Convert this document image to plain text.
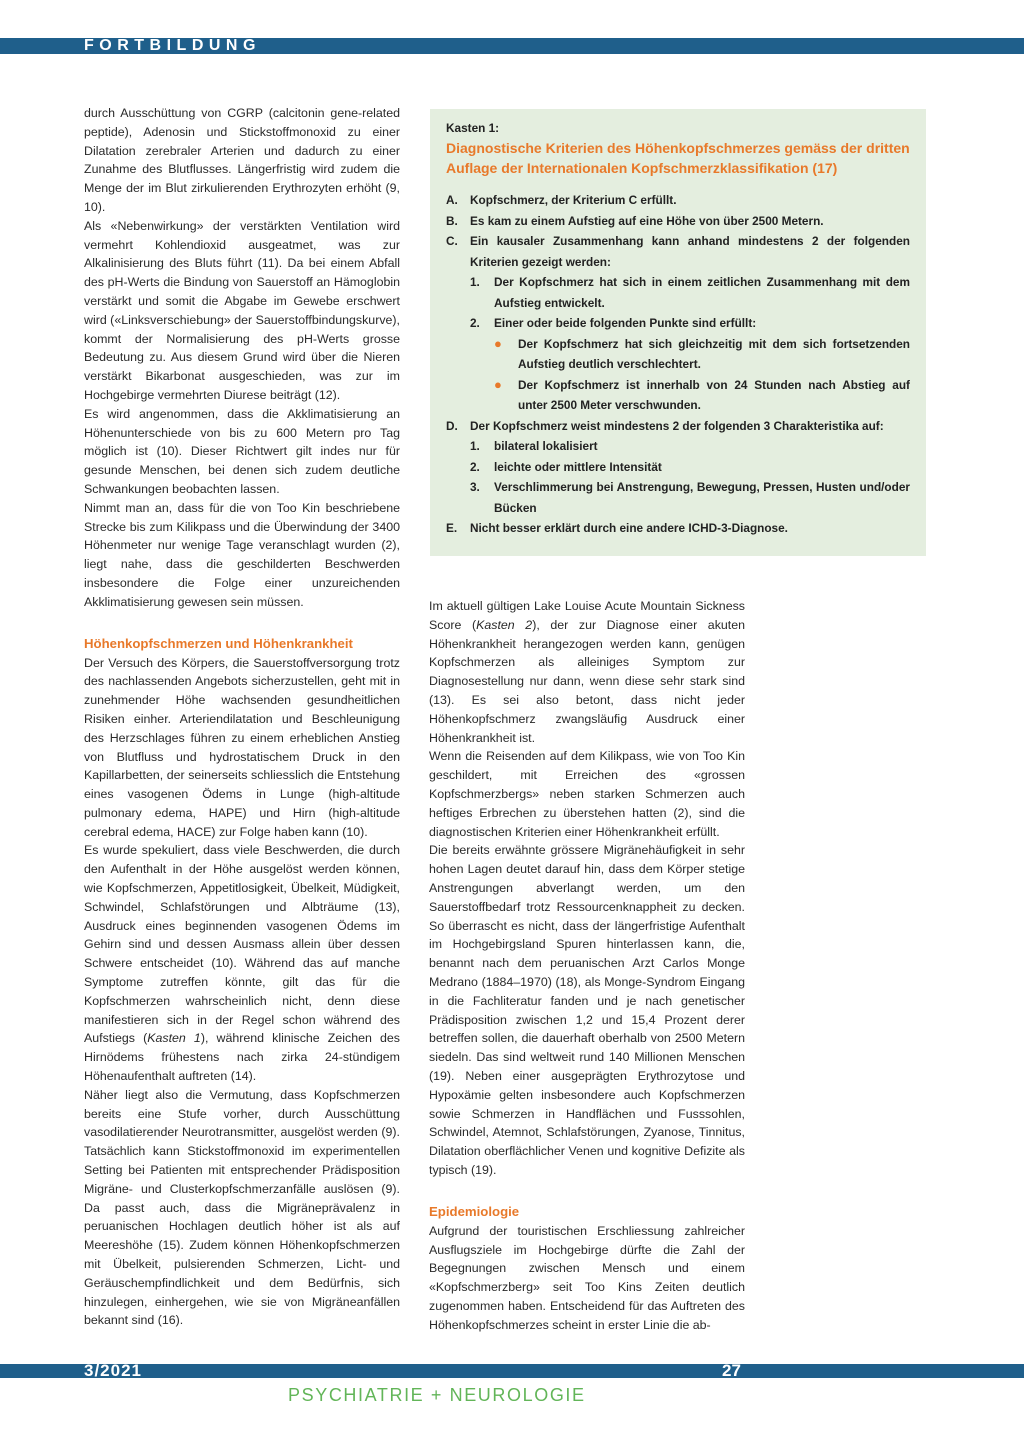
FORTBILDUNG

durch Ausschüttung von CGRP (calcitonin gene-related peptide), Adenosin und Stickstoffmonoxid zu einer Dilatation zerebraler Arterien und dadurch zu einer Zunahme des Blutflusses. Längerfristig wird zudem die Menge der im Blut zirkulierenden Erythrozyten erhöht (9, 10).

Als «Nebenwirkung» der verstärkten Ventilation wird vermehrt Kohlendioxid ausgeatmet, was zur Alkalinisierung des Bluts führt (11). Da bei einem Abfall des pH-Werts die Bindung von Sauerstoff an Hämoglobin verstärkt und somit die Abgabe im Gewebe erschwert wird («Linksverschiebung» der Sauerstoffbindungskurve), kommt der Normalisierung des pH-Werts grosse Bedeutung zu. Aus diesem Grund wird über die Nieren verstärkt Bikarbonat ausgeschieden, was zur im Hochgebirge vermehrten Diurese beiträgt (12).

Es wird angenommen, dass die Akklimatisierung an Höhenunterschiede von bis zu 600 Metern pro Tag möglich ist (10). Dieser Richtwert gilt indes nur für gesunde Menschen, bei denen sich zudem deutliche Schwankungen beobachten lassen.

Nimmt man an, dass für die von Too Kin beschriebene Strecke bis zum Kilikpass und die Überwindung der 3400 Höhenmeter nur wenige Tage veranschlagt wurden (2), liegt nahe, dass die geschilderten Beschwerden insbesondere die Folge einer unzureichenden Akklimatisierung gewesen sein müssen.

Höhenkopfschmerzen und Höhenkrankheit

Der Versuch des Körpers, die Sauerstoffversorgung trotz des nachlassenden Angebots sicherzustellen, geht mit in zunehmender Höhe wachsenden gesundheitlichen Risiken einher. Arteriendilatation und Beschleunigung des Herzschlages führen zu einem erheblichen Anstieg von Blutfluss und hydrostatischem Druck in den Kapillarbetten, der seinerseits schliesslich die Entstehung eines vasogenen Ödems in Lunge (high-altitude pulmonary edema, HAPE) und Hirn (high-altitude cerebral edema, HACE) zur Folge haben kann (10).

Es wurde spekuliert, dass viele Beschwerden, die durch den Aufenthalt in der Höhe ausgelöst werden können, wie Kopfschmerzen, Appetitlosigkeit, Übelkeit, Müdigkeit, Schwindel, Schlafstörungen und Albträume (13), Ausdruck eines beginnenden vasogenen Ödems im Gehirn sind und dessen Ausmass allein über dessen Schwere entscheidet (10). Während das auf manche Symptome zutreffen könnte, gilt das für die Kopfschmerzen wahrscheinlich nicht, denn diese manifestieren sich in der Regel schon während des Aufstiegs (Kasten 1), während klinische Zeichen des Hirnödems frühestens nach zirka 24-stündigem Höhenaufenthalt auftreten (14).

Näher liegt also die Vermutung, dass Kopfschmerzen bereits eine Stufe vorher, durch Ausschüttung vasodilatierender Neurotransmitter, ausgelöst werden (9). Tatsächlich kann Stickstoffmonoxid im experimentellen Setting bei Patienten mit entsprechender Prädisposition Migräne- und Clusterkopfschmerzanfälle auslösen (9). Da passt auch, dass die Migräneprävalenz in peruanischen Hochlagen deutlich höher ist als auf Meereshöhe (15). Zudem können Höhenkopfschmerzen mit Übelkeit, pulsierenden Schmerzen, Licht- und Geräuschempfindlichkeit und dem Bedürfnis, sich hinzulegen, einhergehen, wie sie von Migräneanfällen bekannt sind (16).

Kasten 1:
Diagnostische Kriterien des Höhenkopfschmerzes gemäss der dritten Auflage der Internationalen Kopfschmerzklassifikation (17)
A.	Kopfschmerz, der Kriterium C erfüllt.
B.	Es kam zu einem Aufstieg auf eine Höhe von über 2500 Metern.
C.	Ein kausaler Zusammenhang kann anhand mindestens 2 der folgenden Kriterien gezeigt werden:
1.	Der Kopfschmerz hat sich in einem zeitlichen Zusammenhang mit dem Aufstieg entwickelt.
2.	Einer oder beide folgenden Punkte sind erfüllt:
●	Der Kopfschmerz hat sich gleichzeitig mit dem sich fortsetzenden Aufstieg deutlich verschlechtert.
●	Der Kopfschmerz ist innerhalb von 24 Stunden nach Abstieg auf unter 2500 Meter verschwunden.
D.	Der Kopfschmerz weist mindestens 2 der folgenden 3 Charakteristika auf:
1.	bilateral lokalisiert
2.	leichte oder mittlere Intensität
3.	Verschlimmerung bei Anstrengung, Bewegung, Pressen, Husten und/oder Bücken
E.	Nicht besser erklärt durch eine andere ICHD-3-Diagnose.

Im aktuell gültigen Lake Louise Acute Mountain Sickness Score (Kasten 2), der zur Diagnose einer akuten Höhenkrankheit herangezogen werden kann, genügen Kopfschmerzen als alleiniges Symptom zur Diagnosestellung nur dann, wenn diese sehr stark sind (13). Es sei also betont, dass nicht jeder Höhenkopfschmerz zwangsläufig Ausdruck einer Höhenkrankheit ist.

Wenn die Reisenden auf dem Kilikpass, wie von Too Kin geschildert, mit Erreichen des «grossen Kopfschmerzbergs» neben starken Schmerzen auch heftiges Erbrechen zu überstehen hatten (2), sind die diagnostischen Kriterien einer Höhenkrankheit erfüllt.

Die bereits erwähnte grössere Migränehäufigkeit in sehr hohen Lagen deutet darauf hin, dass dem Körper stetige Anstrengungen abverlangt werden, um den Sauerstoffbedarf trotz Ressourcenknappheit zu decken. So überrascht es nicht, dass der längerfristige Aufenthalt im Hochgebirgsland Spuren hinterlassen kann, die, benannt nach dem peruanischen Arzt Carlos Monge Medrano (1884–1970) (18), als Monge-Syndrom Eingang in die Fachliteratur fanden und je nach genetischer Prädisposition zwischen 1,2 und 15,4 Prozent derer betreffen sollen, die dauerhaft oberhalb von 2500 Metern siedeln. Das sind weltweit rund 140 Millionen Menschen (19). Neben einer ausgeprägten Erythrozytose und Hypoxämie gelten insbesondere auch Kopfschmerzen sowie Schmerzen in Handflächen und Fusssohlen, Schwindel, Atemnot, Schlafstörungen, Zyanose, Tinnitus, Dilatation oberflächlicher Venen und kognitive Defizite als typisch (19).

Epidemiologie

Aufgrund der touristischen Erschliessung zahlreicher Ausflugsziele im Hochgebirge dürfte die Zahl der Begegnungen zwischen Mensch und einem «Kopfschmerzberg» seit Too Kins Zeiten deutlich zugenommen haben. Entscheidend für das Auftreten des Höhenkopfschmerzes scheint in erster Linie die ab-

3/2021	27
PSYCHIATRIE + NEUROLOGIE
